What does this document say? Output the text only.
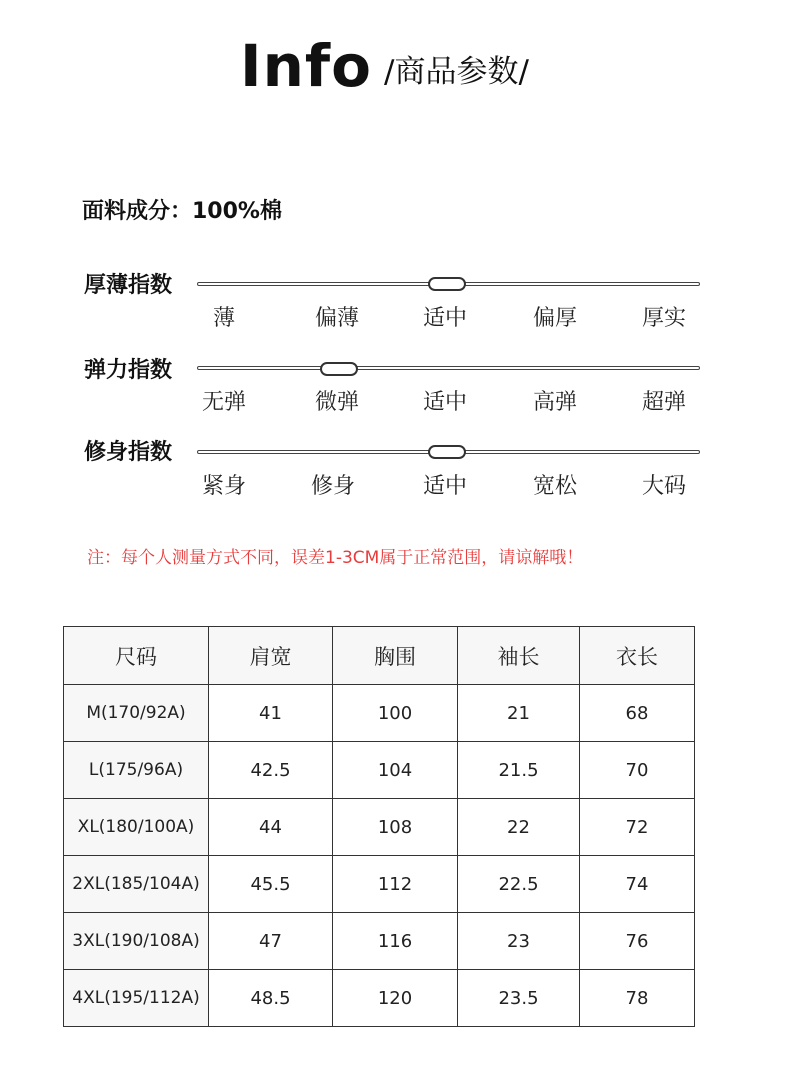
Info /商品参数/
面料成分：100%棉
厚薄指数
薄	偏薄	适中	偏厚	厚实
弹力指数
无弹	微弹	适中	高弹	超弹
修身指数
紧身	修身	适中	宽松	大码
注：每个人测量方式不同，误差1-3CM属于正常范围，请谅解哦！
尺码	肩宽	胸围	袖长	衣长
M(170/92A)	41	100	21	68
L(175/96A)	42.5	104	21.5	70
XL(180/100A)	44	108	22	72
2XL(185/104A)	45.5	112	22.5	74
3XL(190/108A)	47	116	23	76
4XL(195/112A)	48.5	120	23.5	78
